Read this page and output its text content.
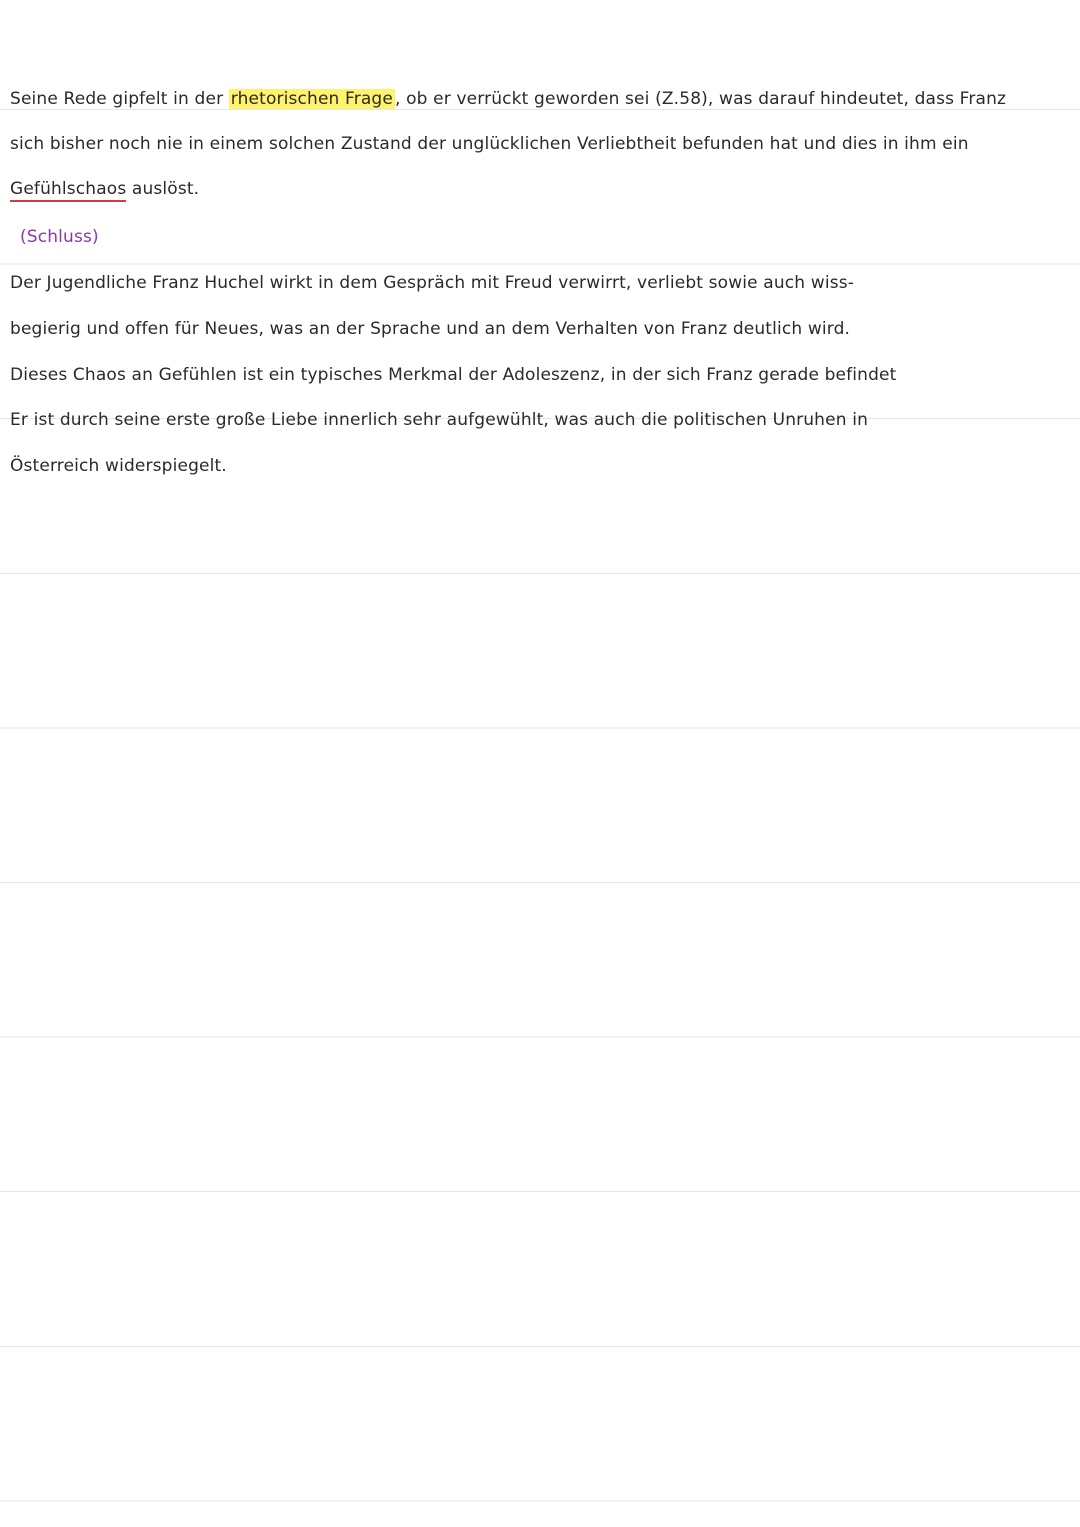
Seine Rede gipfelt in der rhetorischen Frage , ob er verrückt geworden sei (Z.58), was darauf hindeutet, dass Franz
sich bisher noch nie in einem solchen Zustand der unglücklichen Verliebtheit befunden hat und dies in ihm ein
Gefühlschaos auslöst.
(Schluss)
Der Jugendliche Franz Huchel wirkt in dem Gespräch mit Freud verwirrt, verliebt sowie auch wiss-
begierig und offen für Neues, was an der Sprache und an dem Verhalten von Franz deutlich wird.
Dieses Chaos an Gefühlen ist ein typisches Merkmal der Adoleszenz, in der sich Franz gerade befindet
Er ist durch seine erste große Liebe innerlich sehr aufgewühlt, was auch die politischen Unruhen in
Österreich widerspiegelt.
